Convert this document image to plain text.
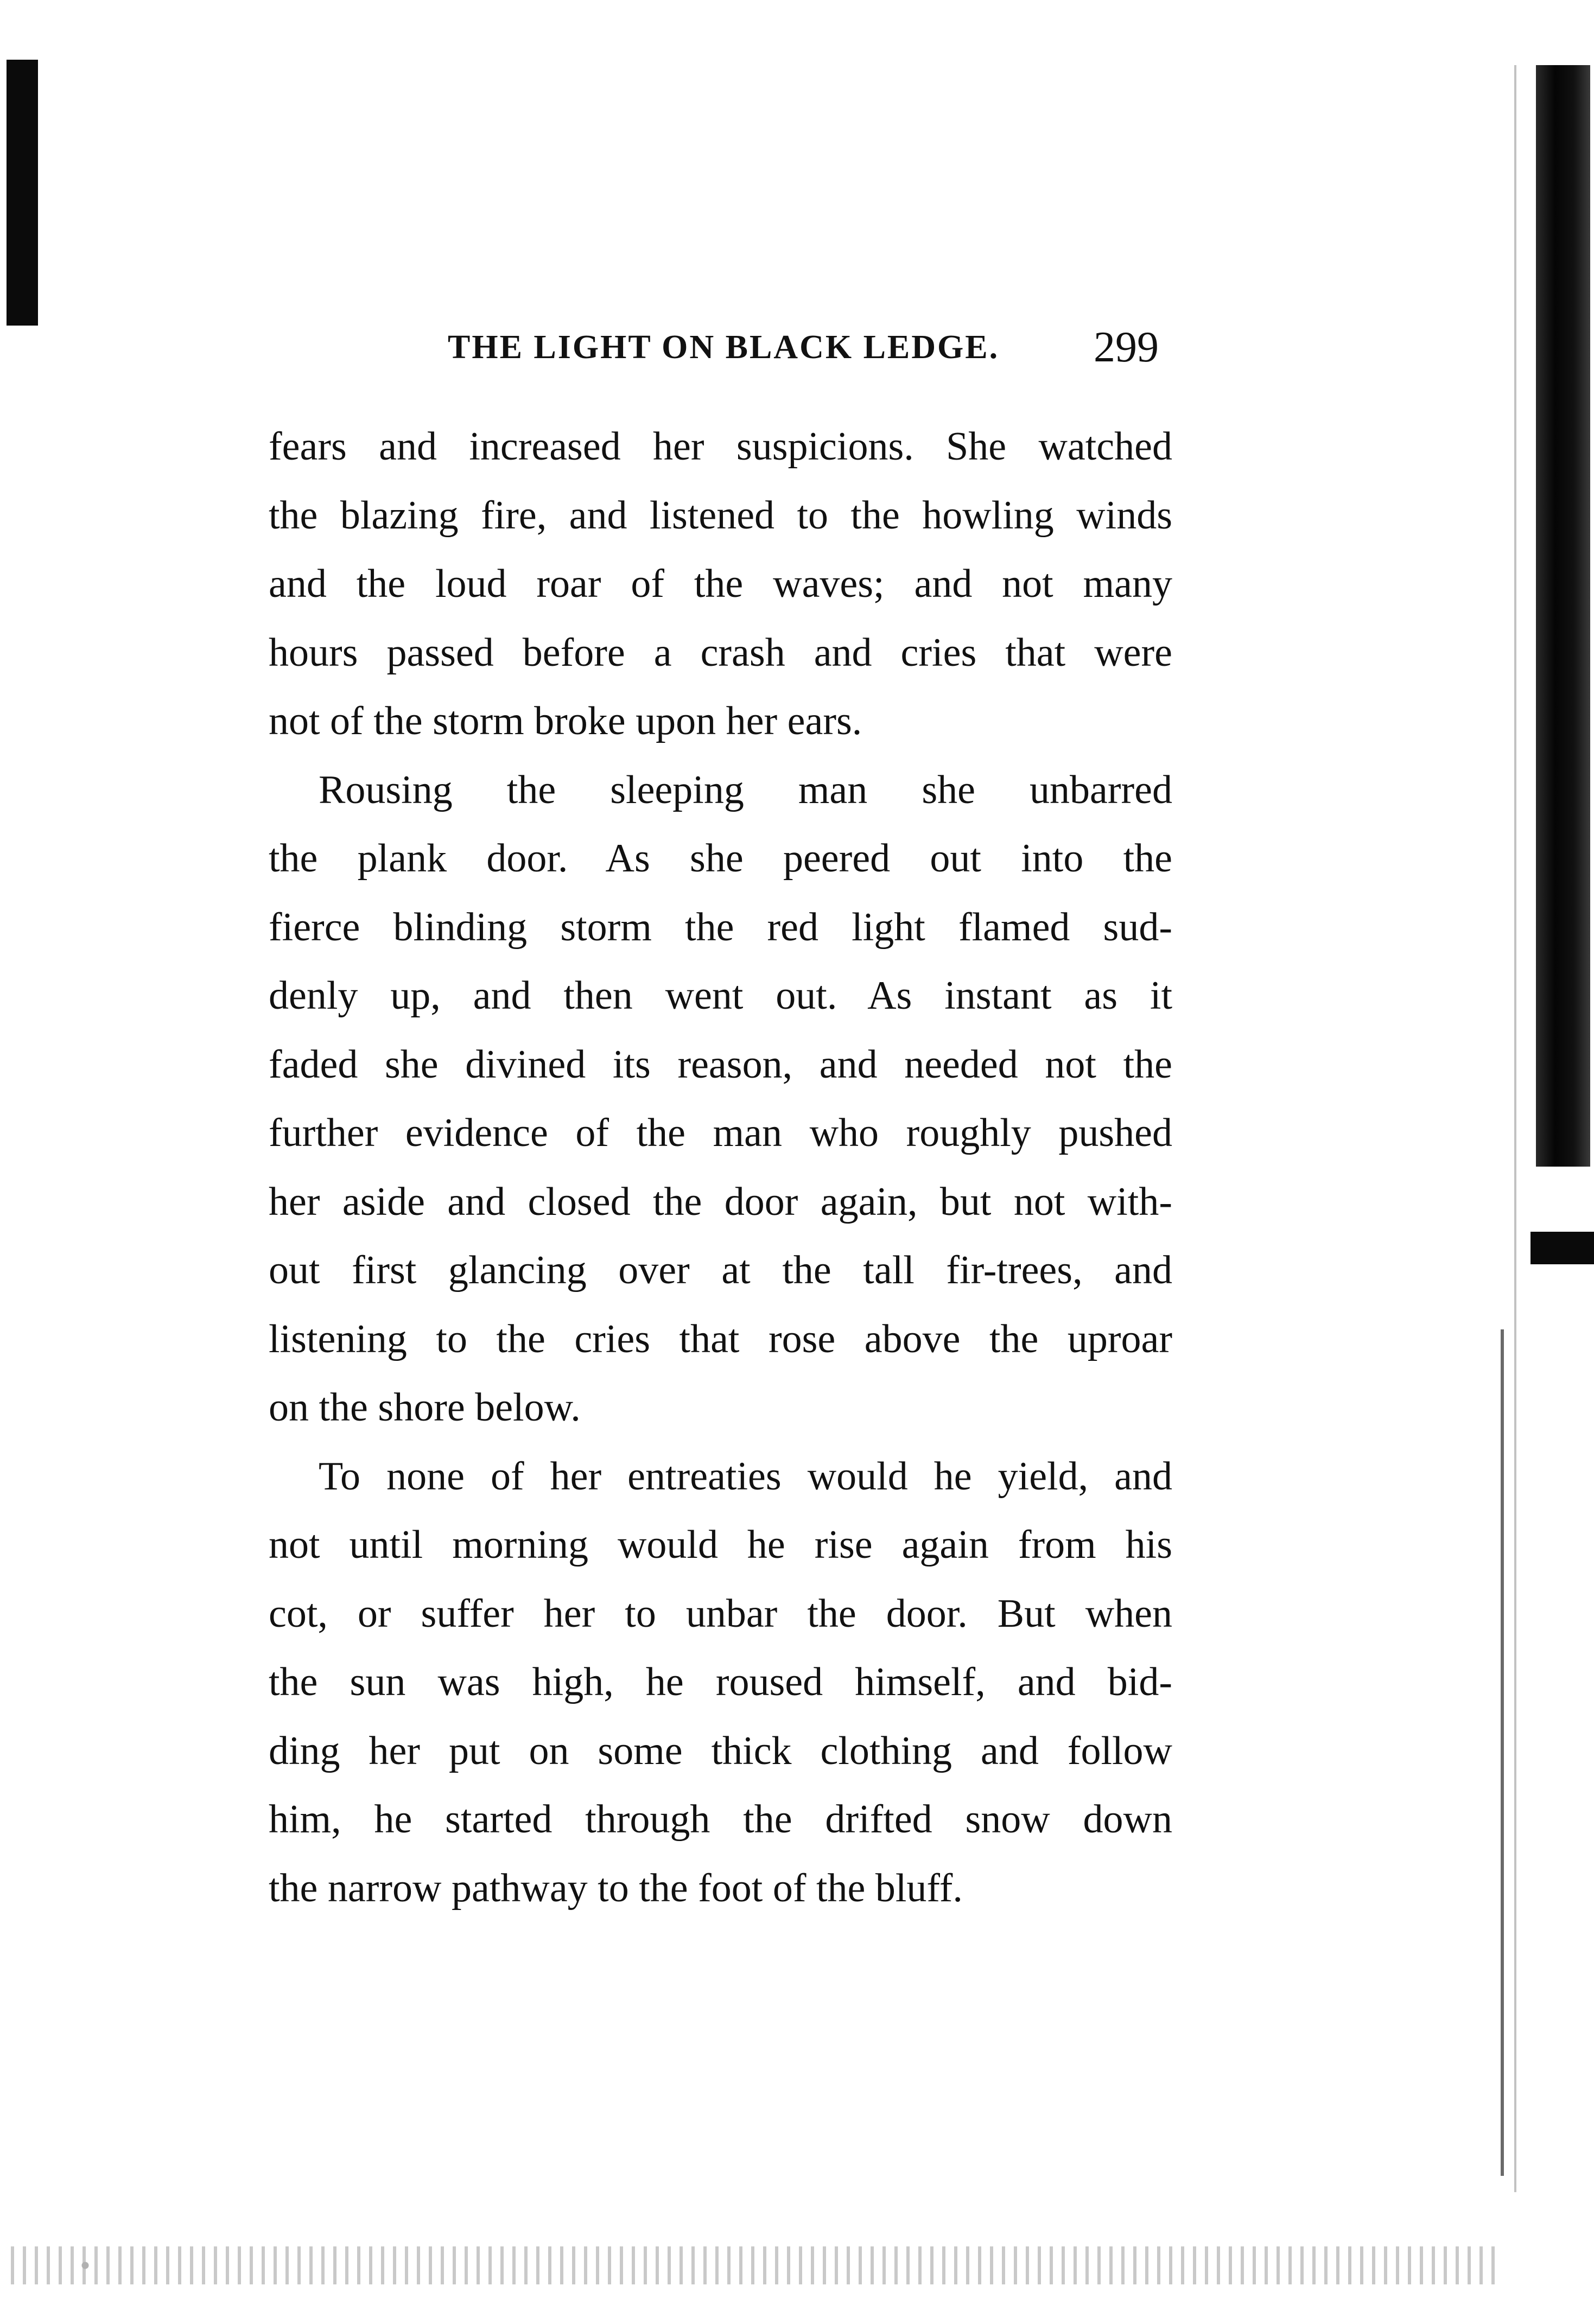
THE LIGHT ON BLACK LEDGE. 299
fears and increased her suspicions. She watched
the blazing fire, and listened to the howling winds
and the loud roar of the waves; and not many
hours passed before a crash and cries that were
not of the storm broke upon her ears.
Rousing the sleeping man she unbarred
the plank door. As she peered out into the
fierce blinding storm the red light flamed sud-
denly up, and then went out. As instant as it
faded she divined its reason, and needed not the
further evidence of the man who roughly pushed
her aside and closed the door again, but not with-
out first glancing over at the tall fir-trees, and
listening to the cries that rose above the uproar
on the shore below.
To none of her entreaties would he yield, and
not until morning would he rise again from his
cot, or suffer her to unbar the door. But when
the sun was high, he roused himself, and bid-
ding her put on some thick clothing and follow
him, he started through the drifted snow down
the narrow pathway to the foot of the bluff.
